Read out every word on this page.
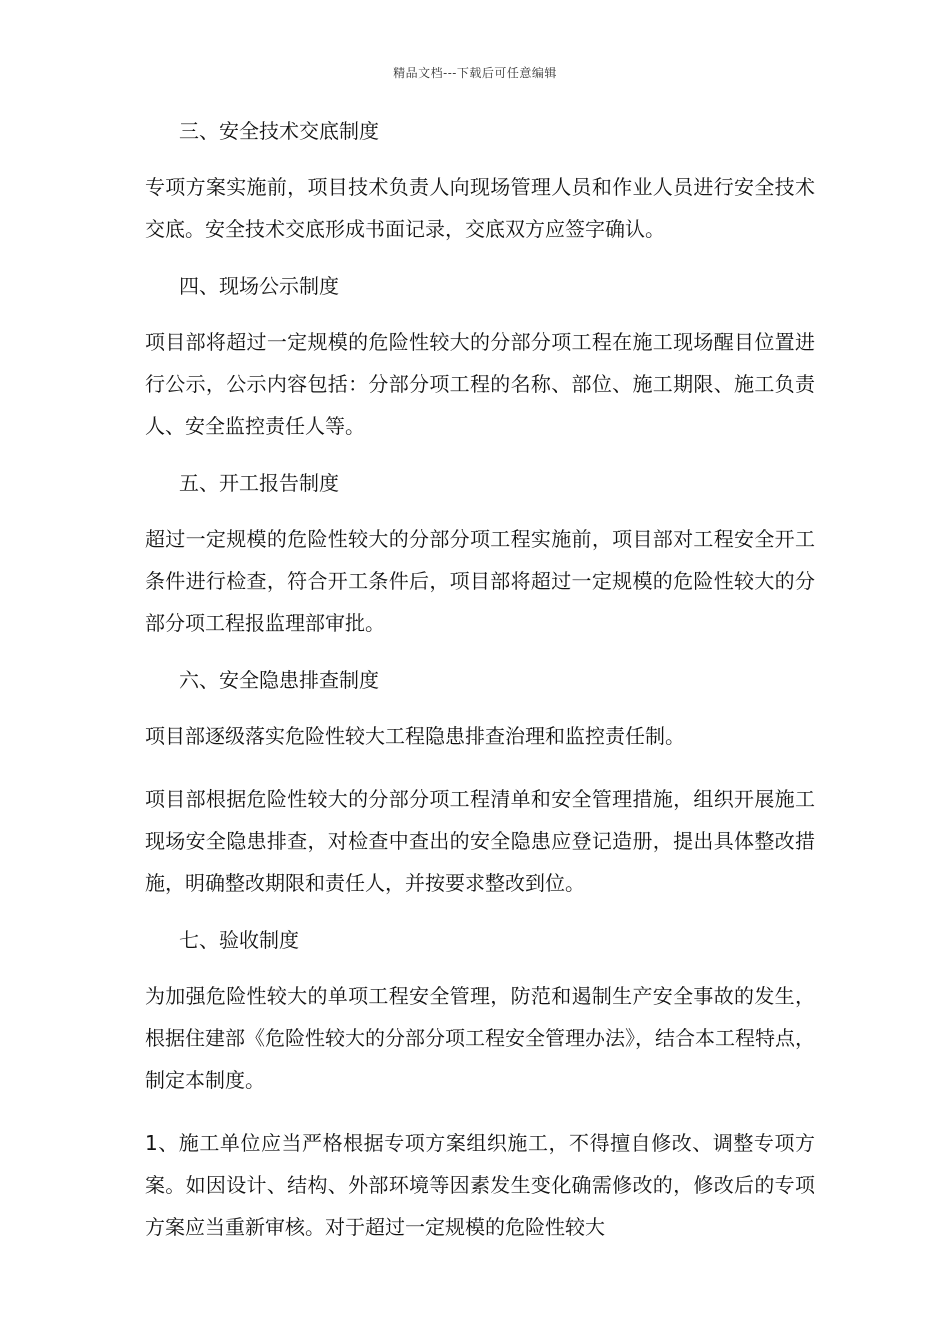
精品文档---下载后可任意编辑
三、安全技术交底制度
专项方案实施前，项目技术负责人向现场管理人员和作业人员进行安全技术交底。安全技术交底形成书面记录，交底双方应签字确认。
四、现场公示制度
项目部将超过一定规模的危险性较大的分部分项工程在施工现场醒目位置进行公示，公示内容包括：分部分项工程的名称、部位、施工期限、施工负责人、安全监控责任人等。
五、开工报告制度
超过一定规模的危险性较大的分部分项工程实施前，项目部对工程安全开工条件进行检查，符合开工条件后，项目部将超过一定规模的危险性较大的分部分项工程报监理部审批。
六、安全隐患排查制度
项目部逐级落实危险性较大工程隐患排查治理和监控责任制。
项目部根据危险性较大的分部分项工程清单和安全管理措施，组织开展施工现场安全隐患排查，对检查中查出的安全隐患应登记造册，提出具体整改措施，明确整改期限和责任人，并按要求整改到位。
七、验收制度
为加强危险性较大的单项工程安全管理，防范和遏制生产安全事故的发生，根据住建部《危险性较大的分部分项工程安全管理办法》，结合本工程特点，制定本制度。
1、施工单位应当严格根据专项方案组织施工，不得擅自修改、调整专项方案。如因设计、结构、外部环境等因素发生变化确需修改的，修改后的专项方案应当重新审核。对于超过一定规模的危险性较大
